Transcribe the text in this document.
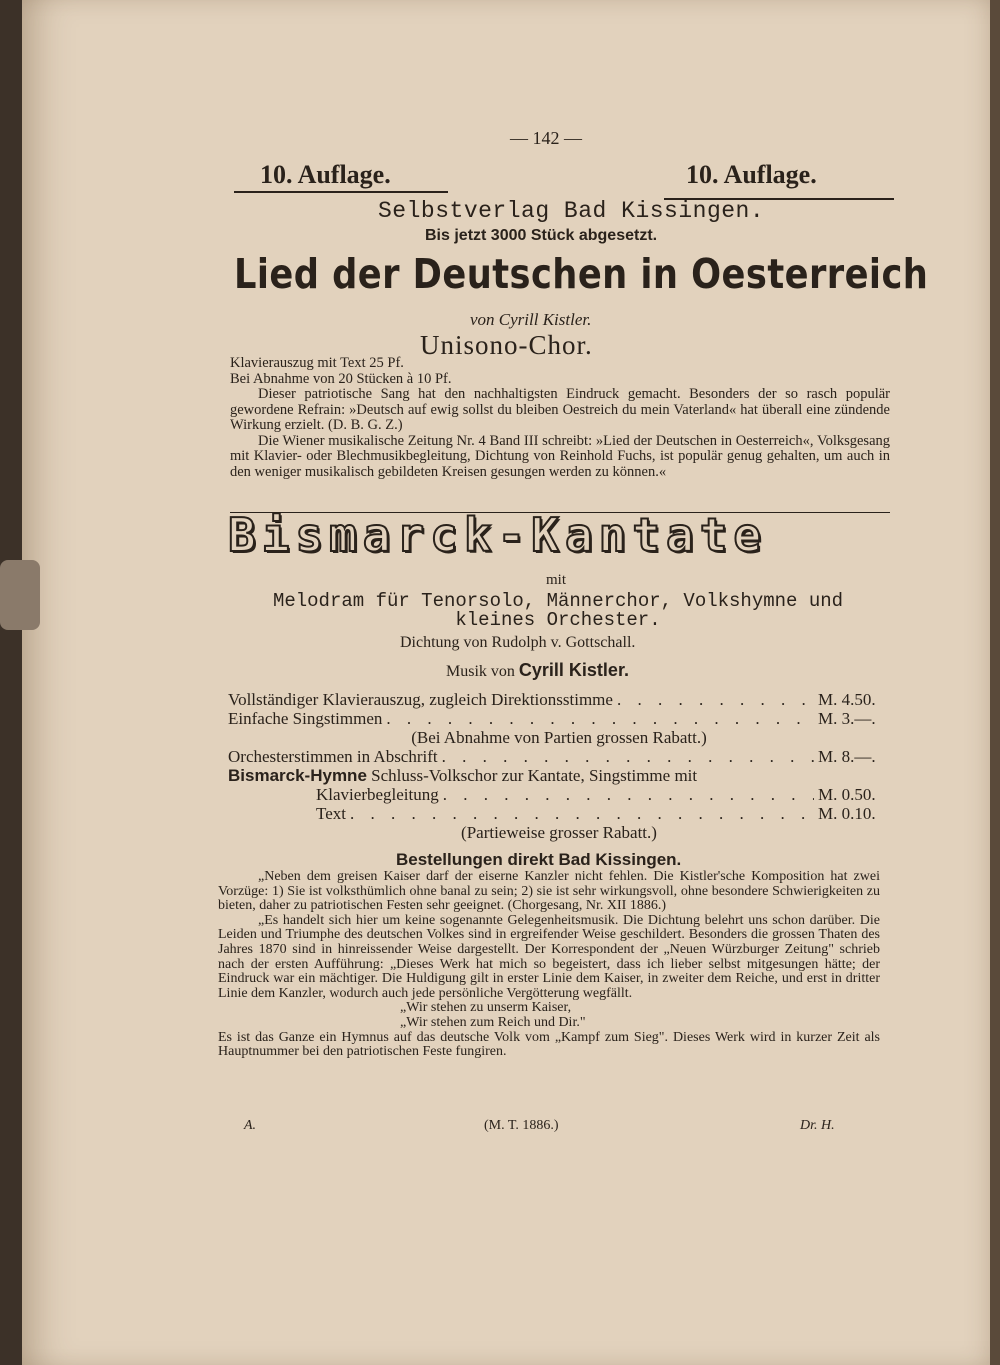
— 142 —
10. Auflage.	10. Auflage.
Selbstverlag Bad Kissingen.
Bis jetzt 3000 Stück abgesetzt.
Lied der Deutschen in Oesterreich
von Cyrill Kistler.
Unisono-Chor.

Klavierauszug mit Text 25 Pf.

Bei Abnahme von 20 Stücken à 10 Pf.

Dieser patriotische Sang hat den nachhaltigsten Eindruck gemacht. Besonders der so rasch populär gewordene Refrain: »Deutsch auf ewig sollst du bleiben Oestreich du mein Vaterland« hat überall eine zündende Wirkung erzielt. (D. B. G. Z.)

Die Wiener musikalische Zeitung Nr. 4 Band III schreibt: »Lied der Deutschen in Oesterreich«, Volksgesang mit Klavier- oder Blechmusikbegleitung, Dichtung von Reinhold Fuchs, ist populär genug gehalten, um auch in den weniger musikalisch gebildeten Kreisen gesungen werden zu können.«

Bismarck-Kantate
mit
Melodram für Tenorsolo, Männerchor, Volkshymne und kleines Orchester.
Dichtung von Rudolph v. Gottschall.
Musik von Cyrill Kistler.
Vollständiger Klavierauszug, zugleich Direktionsstimme . . .	M. 4.50.
Einfache Singstimmen . . .	M. 3.—.
(Bei Abnahme von Partien grossen Rabatt.)
Orchesterstimmen in Abschrift . . .	M. 8.—.
Bismarck-Hymne Schluss-Volkschor zur Kantate, Singstimme mit
Klavierbegleitung . . .	M. 0.50.
Text . . .	M. 0.10.
(Partieweise grosser Rabatt.)
Bestellungen direkt Bad Kissingen.

„Neben dem greisen Kaiser darf der eiserne Kanzler nicht fehlen. Die Kistler'sche Komposition hat zwei Vorzüge: 1) Sie ist volksthümlich ohne banal zu sein; 2) sie ist sehr wirkungsvoll, ohne besondere Schwierigkeiten zu bieten, daher zu patriotischen Festen sehr geeignet. (Chorgesang, Nr. XII 1886.)

„Es handelt sich hier um keine sogenannte Gelegenheitsmusik. Die Dichtung belehrt uns schon darüber. Die Leiden und Triumphe des deutschen Volkes sind in ergreifender Weise geschildert. Besonders die grossen Thaten des Jahres 1870 sind in hinreissender Weise dargestellt. Der Korrespondent der „Neuen Würzburger Zeitung" schrieb nach der ersten Aufführung: „Dieses Werk hat mich so begeistert, dass ich lieber selbst mitgesungen hätte; der Eindruck war ein mächtiger. Die Huldigung gilt in erster Linie dem Kaiser, in zweiter dem Reiche, und erst in dritter Linie dem Kanzler, wodurch auch jede persönliche Vergötterung wegfällt.

„Wir stehen zu unserm Kaiser,

„Wir stehen zum Reich und Dir."

Es ist das Ganze ein Hymnus auf das deutsche Volk vom „Kampf zum Sieg". Dieses Werk wird in kurzer Zeit als Hauptnummer bei den patriotischen Feste fungiren.

A.	(M. T. 1886.)	Dr. H.
